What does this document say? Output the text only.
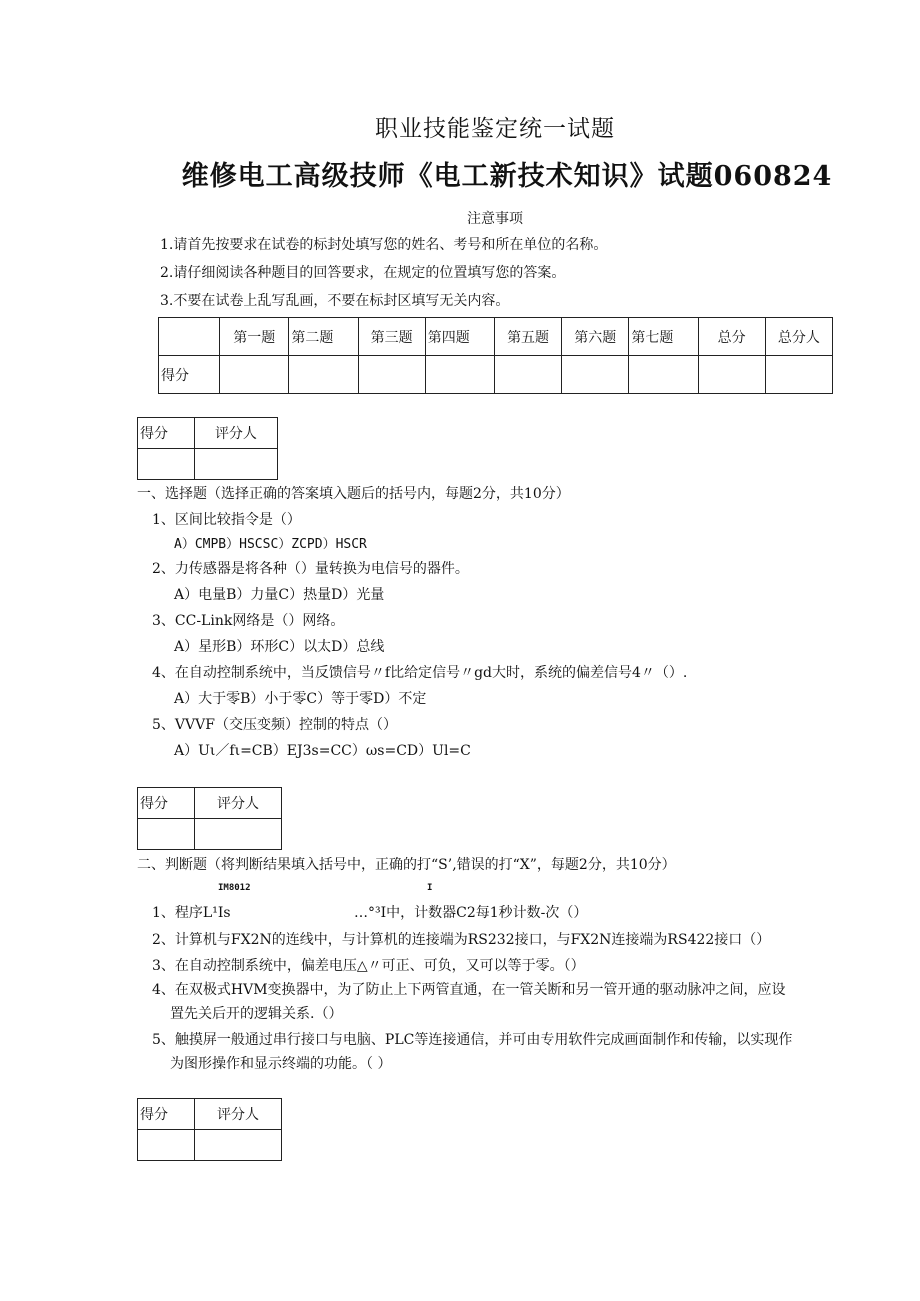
职业技能鉴定统一试题
维修电工高级技师《电工新技术知识》试题060824
注意事项
1.请首先按要求在试卷的标封处填写您的姓名、考号和所在单位的名称。
2.请仔细阅读各种题目的回答要求，在规定的位置填写您的答案。
3.不要在试卷上乱写乱画，不要在标封区填写无关内容。
	第一题	第二题	第三题	第四题	第五题	第六题	第七题	总分	总分人
得分									
得分	评分人

一、选择题（选择正确的答案填入题后的括号内，每题2分，共10分）
1、区间比较指令是（）
A）CMPB）HSCSC）ZCPD）HSCR
2、力传感器是将各种（）量转换为电信号的器件。
A）电量B）力量C）热量D）光量
3、CC-Link网络是（）网络。
A）星形B）环形C）以太D）总线
4、在自动控制系统中，当反馈信号〃f比给定信号〃gd大时，系统的偏差信号4〃（）.
A）大于零B）小于零C）等于零D）不定
5、VVVF（交压变频）控制的特点（）
A）Uι／fι=CB）EJ3s=CC）ωs=CD）Ul=C
得分	评分人

二、判断题（将判断结果填入括号中，正确的打“S’,错误的打“X”，每题2分，共10分）
IM8012	I
1、程序L¹Is	…°³I中，计数器C2每1秒计数-次（）
2、计算机与FX2N的连线中，与计算机的连接端为RS232接口，与FX2N连接端为RS422接口（）
3、在自动控制系统中，偏差电压△〃可正、可负，又可以等于零。（）
4、在双极式HVM变换器中，为了防止上下两管直通，在一管关断和另一管开通的驱动脉冲之间，应设
置先关后开的逻辑关系.（）
5、触摸屏一般通过串行接口与电脑、PLC等连接通信，并可由专用软件完成画面制作和传输，以实现作
为图形操作和显示终端的功能。（ ）
得分	评分人
